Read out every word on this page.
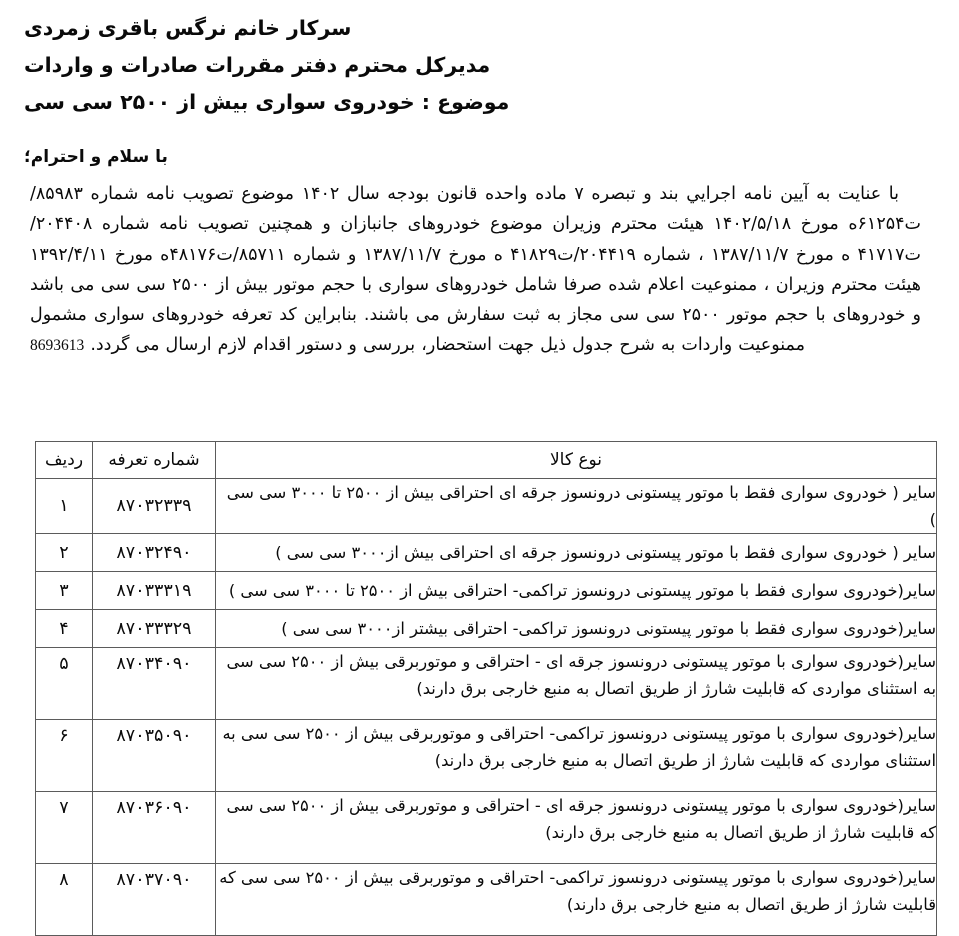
سركار خانم نرگس باقری زمردی
مديركل محترم دفتر مقررات صادرات و واردات
موضوع : خودروی سواری بیش از ۲۵۰۰ سی سی
با سلام و احترام؛
با عنايت به آيين نامه اجرايي بند و تبصره ۷ ماده واحده قانون بودجه سال ۱۴۰۲ موضوع تصويب نامه شماره ۸۵۹۸۳/ت۶۱۲۵۴ه مورخ ۱۴۰۲/۵/۱۸ هيئت محترم وزيران موضوع خودروهای جانبازان و همچنين تصويب نامه شماره ۲۰۴۴۰۸/ت۴۱۷۱۷ ه مورخ ۱۳۸۷/۱۱/۷ ، شماره ۲۰۴۴۱۹/ت۴۱۸۲۹ ه مورخ ۱۳۸۷/۱۱/۷ و شماره ۸۵۷۱۱/ت۴۸۱۷۶ه مورخ ۱۳۹۲/۴/۱۱ هيئت محترم وزيران ، ممنوعيت اعلام شده صرفا شامل خودروهای سواری با حجم موتور بیش از ۲۵۰۰ سی سی می باشد و خودروهای با حجم موتور ۲۵۰۰ سی سی مجاز به ثبت سفارش می باشند. بنابراين کد تعرفه خودروهای سواری مشمول ممنوعیت واردات به شرح جدول ذیل جهت استحضار، بررسی و دستور اقدام لازم ارسال می گردد. 8693613
نوع كالا	شماره تعرفه	رديف
ساير ( خودروی سواری فقط با موتور پیستونی درونسوز جرقه ای احتراقی بیش از ۲۵۰۰ تا ۳۰۰۰ سی سی )	۸۷۰۳۲۳۳۹	۱
ساير ( خودروی سواری فقط با موتور پیستونی درونسوز جرقه ای احتراقی بیش از۳۰۰۰ سی سی )	۸۷۰۳۲۴۹۰	۲
ساير(خودروی سواری فقط با موتور پیستونی درونسوز تراکمی- احتراقی بیش از ۲۵۰۰ تا ۳۰۰۰ سی سی )	۸۷۰۳۳۳۱۹	۳
ساير(خودروی سواری فقط با موتور پیستونی درونسوز تراکمی- احتراقی بیشتر از۳۰۰۰ سی سی )	۸۷۰۳۳۳۲۹	۴
ساير(خودروی سواری با موتور پیستونی درونسوز جرقه ای - احتراقی و موتوربرقی بیش از ۲۵۰۰ سی سی به استثنای مواردی که قابلیت شارژ از طریق اتصال به منبع خارجی برق دارند)	۸۷۰۳۴۰۹۰	۵
ساير(خودروی سواری با موتور پیستونی درونسوز تراکمی- احتراقی و موتوربرقی بیش از ۲۵۰۰ سی سی به استثنای مواردی که قابلیت شارژ از طریق اتصال به منبع خارجی برق دارند)	۸۷۰۳۵۰۹۰	۶
ساير(خودروی سواری با موتور پیستونی درونسوز جرقه ای - احتراقی و موتوربرقی بیش از ۲۵۰۰ سی سی که قابلیت شارژ از طریق اتصال به منبع خارجی برق دارند)	۸۷۰۳۶۰۹۰	۷
ساير(خودروی سواری با موتور پیستونی درونسوز تراکمی- احتراقی و موتوربرقی بیش از ۲۵۰۰ سی سی که قابلیت شارژ از طریق اتصال به منبع خارجی برق دارند)	۸۷۰۳۷۰۹۰	۸
